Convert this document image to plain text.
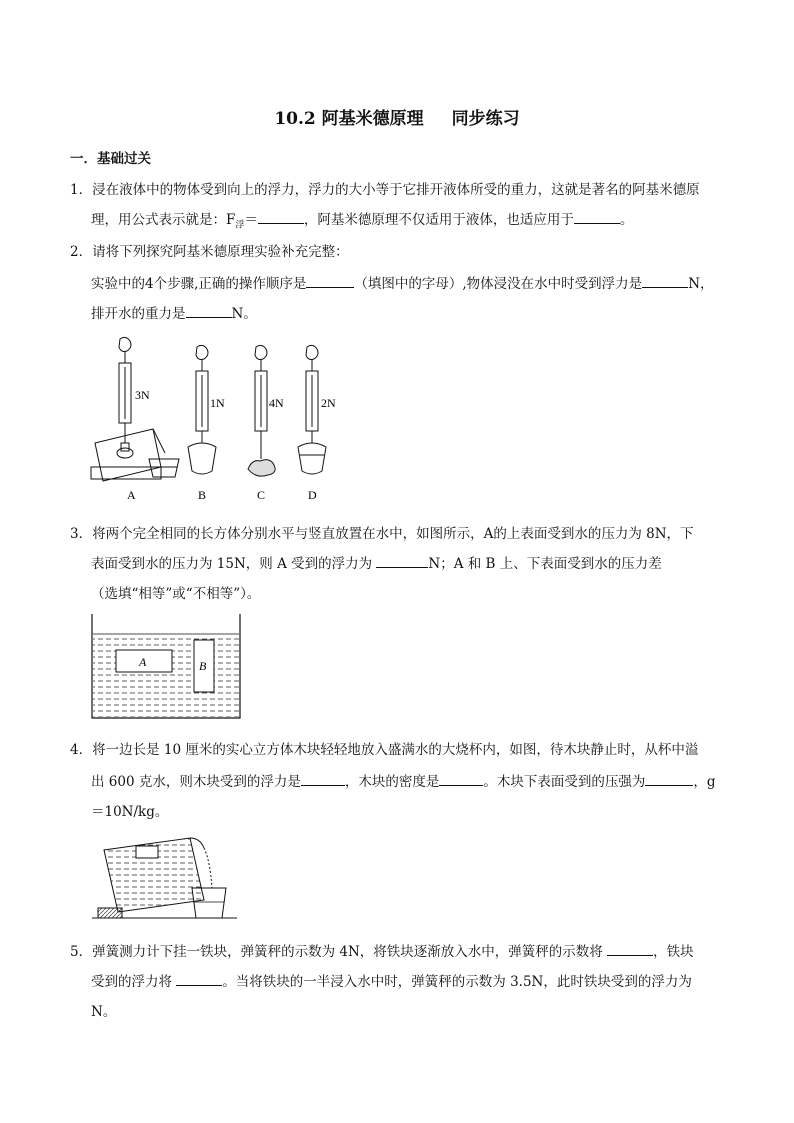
10.2 阿基米德原理 同步练习
一．基础过关
1．浸在液体中的物体受到向上的浮力，浮力的大小等于它排开液体所受的重力，这就是著名的阿基米德原
理，用公式表示就是：$F_浮=$	，阿基米德原理不仅适用于液体，也适应用于	。
2．请将下列探究阿基米德原理实验补充完整：
实验中的4个步骤,正确的操作顺序是	（填图中的字母）,物体浸没在水中时受到浮力是	N，
排开水的重力是	N。
3N
1N	4N	2N
A	B	C	D
3．将两个完全相同的长方体分别水平与竖直放置在水中，如图所示，A的上表面受到水的压力为 8N，下
表面受到水的压力为 15N，则 A 受到的浮力为	N；A 和 B 上、下表面受到水的压力差
（选填“相等”或“不相等”）。
A	B
4．将一边长是 10 厘米的实心立方体木块轻轻地放入盛满水的大烧杯内，如图，待木块静止时，从杯中溢
出 600 克水，则木块受到的浮力是	，木块的密度是	。木块下表面受到的压强为	，g
＝10N/kg。
5．弹簧测力计下挂一铁块，弹簧秤的示数为 4N，将铁块逐渐放入水中，弹簧秤的示数将	，铁块
受到的浮力将	。当将铁块的一半浸入水中时，弹簧秤的示数为 3.5N，此时铁块受到的浮力为
N。
